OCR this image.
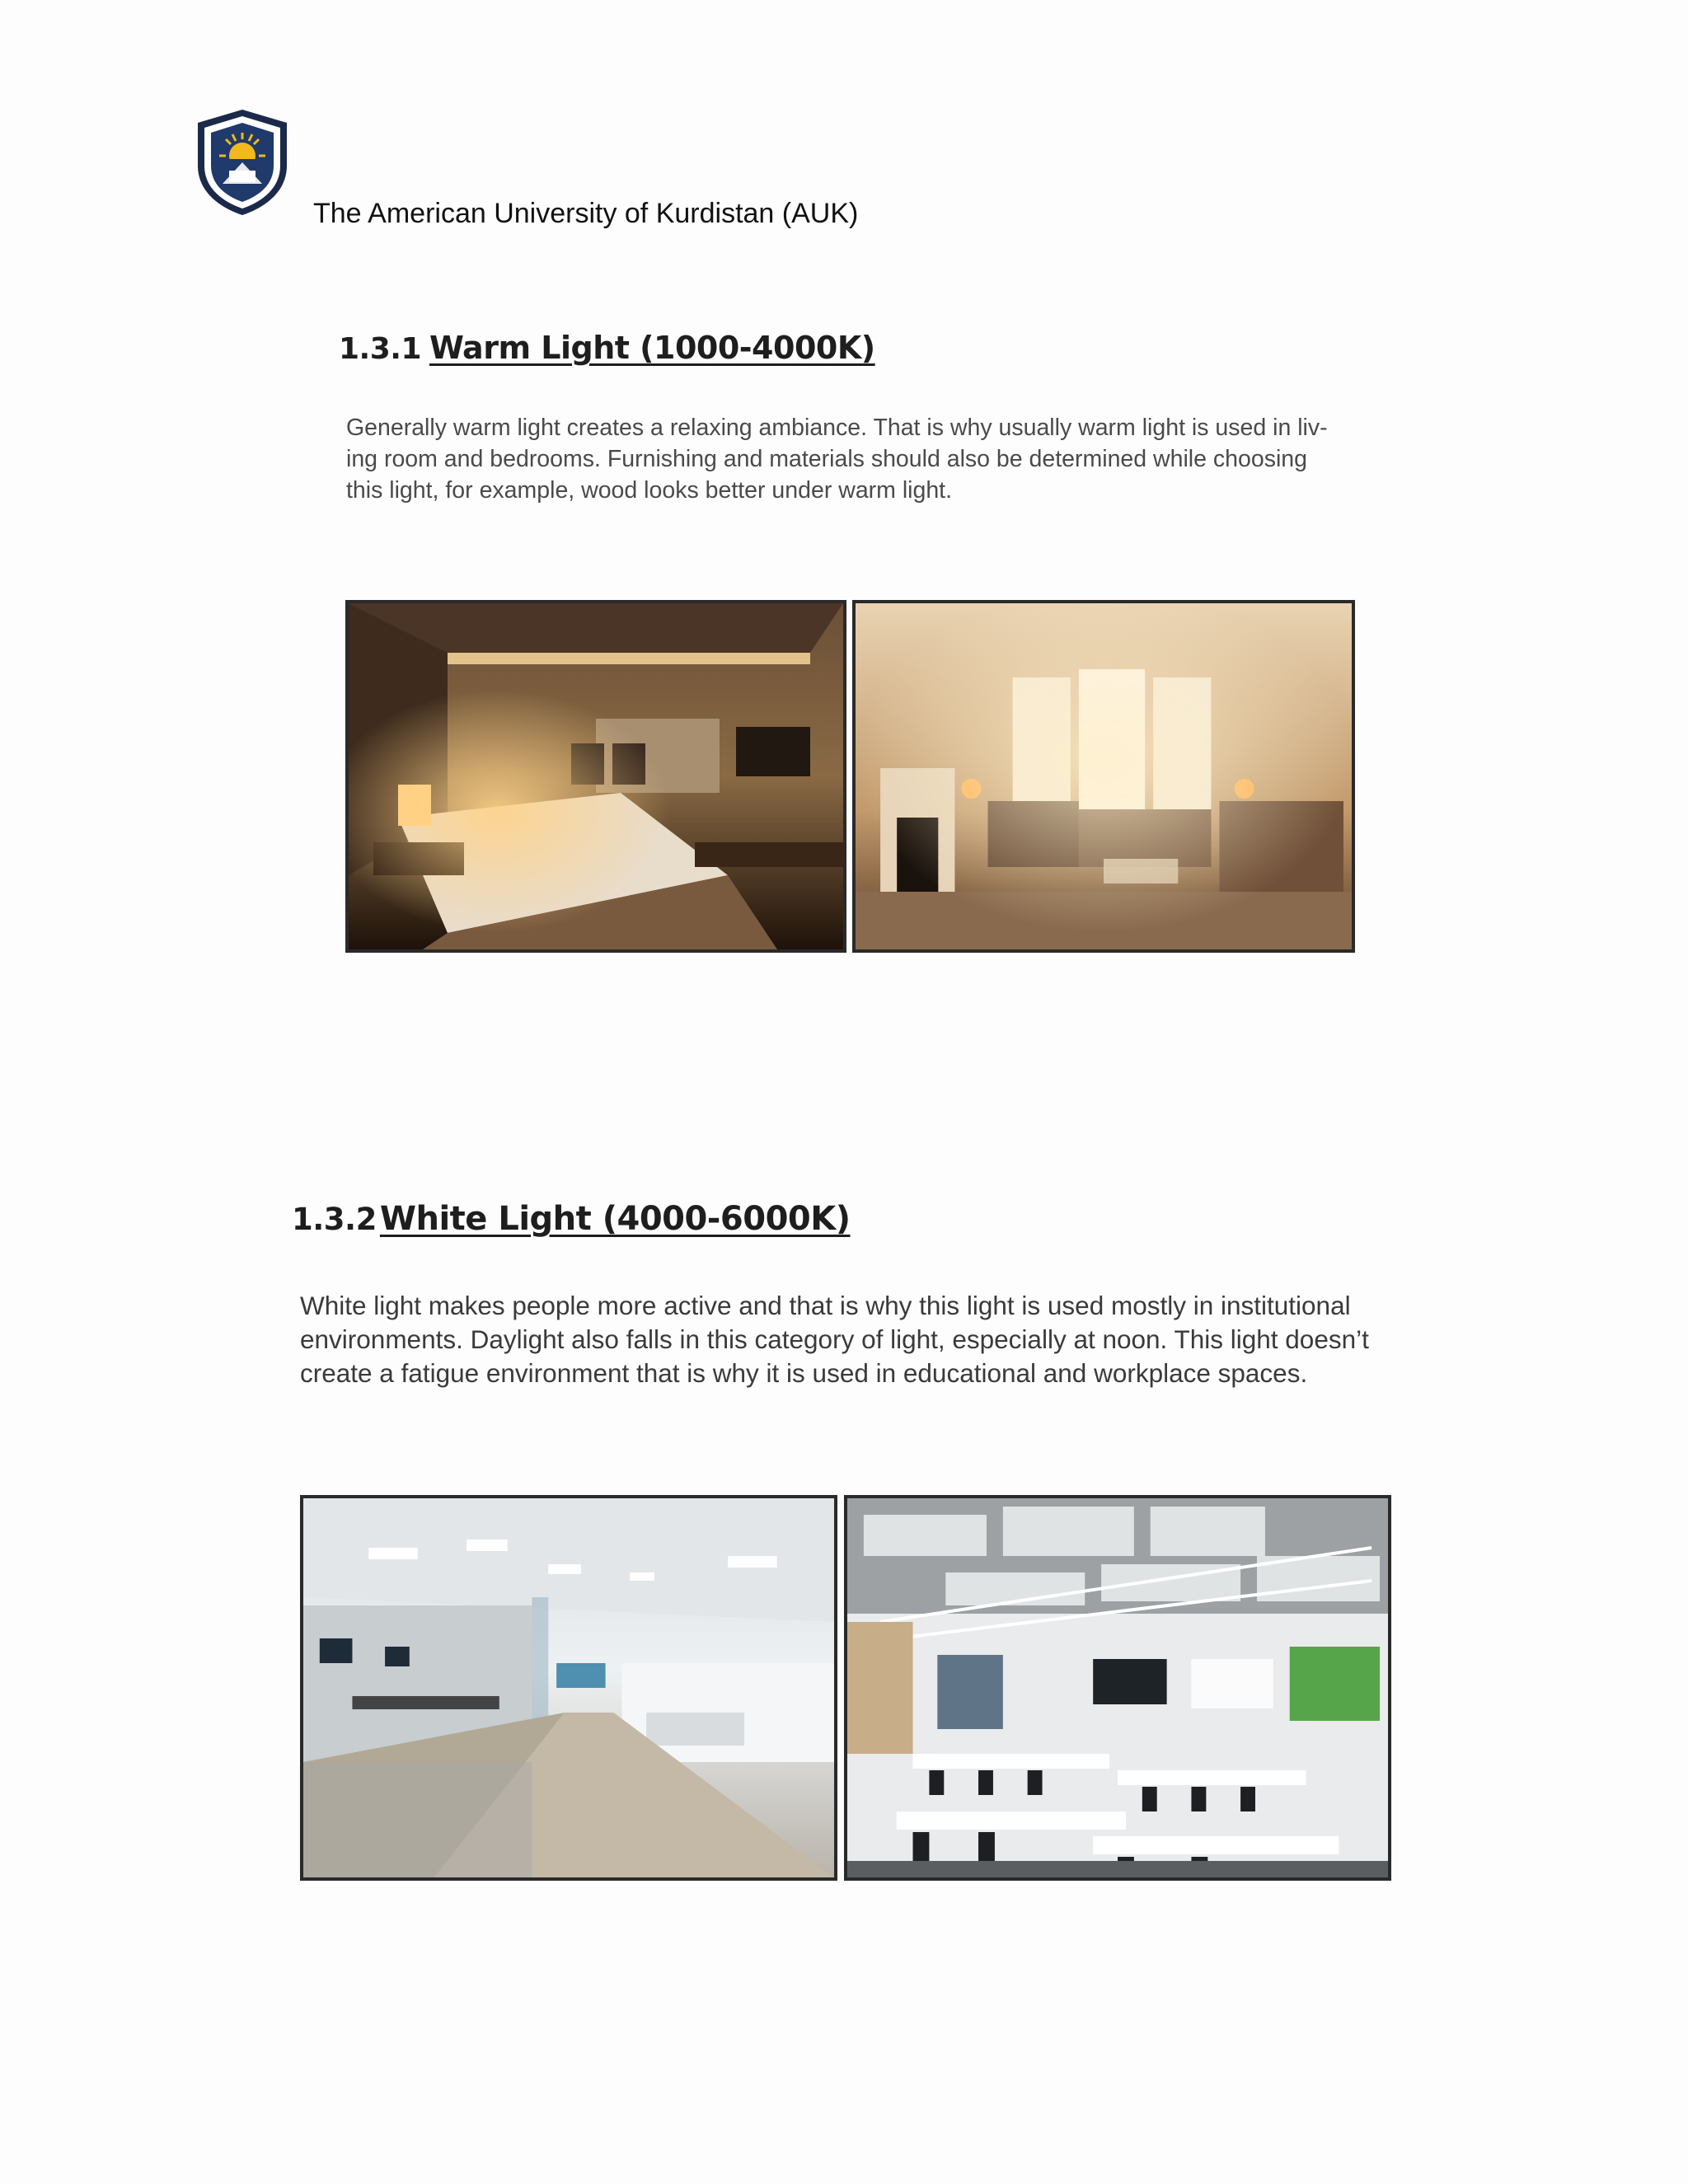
The American University of Kurdistan (AUK)
1.3.1 Warm Light (1000-4000K)
Generally warm light creates a relaxing ambiance. That is why usually warm light is used in liv-ing room and bedrooms. Furnishing and materials should also be determined while choosing this light, for example, wood looks better under warm light.
1.3.2 White Light (4000-6000K)
White light makes people more active and that is why this light is used mostly in institutional environments. Daylight also falls in this category of light, especially at noon. This light doesn’t create a fatigue environment that is why it is used in educational and workplace spaces.
